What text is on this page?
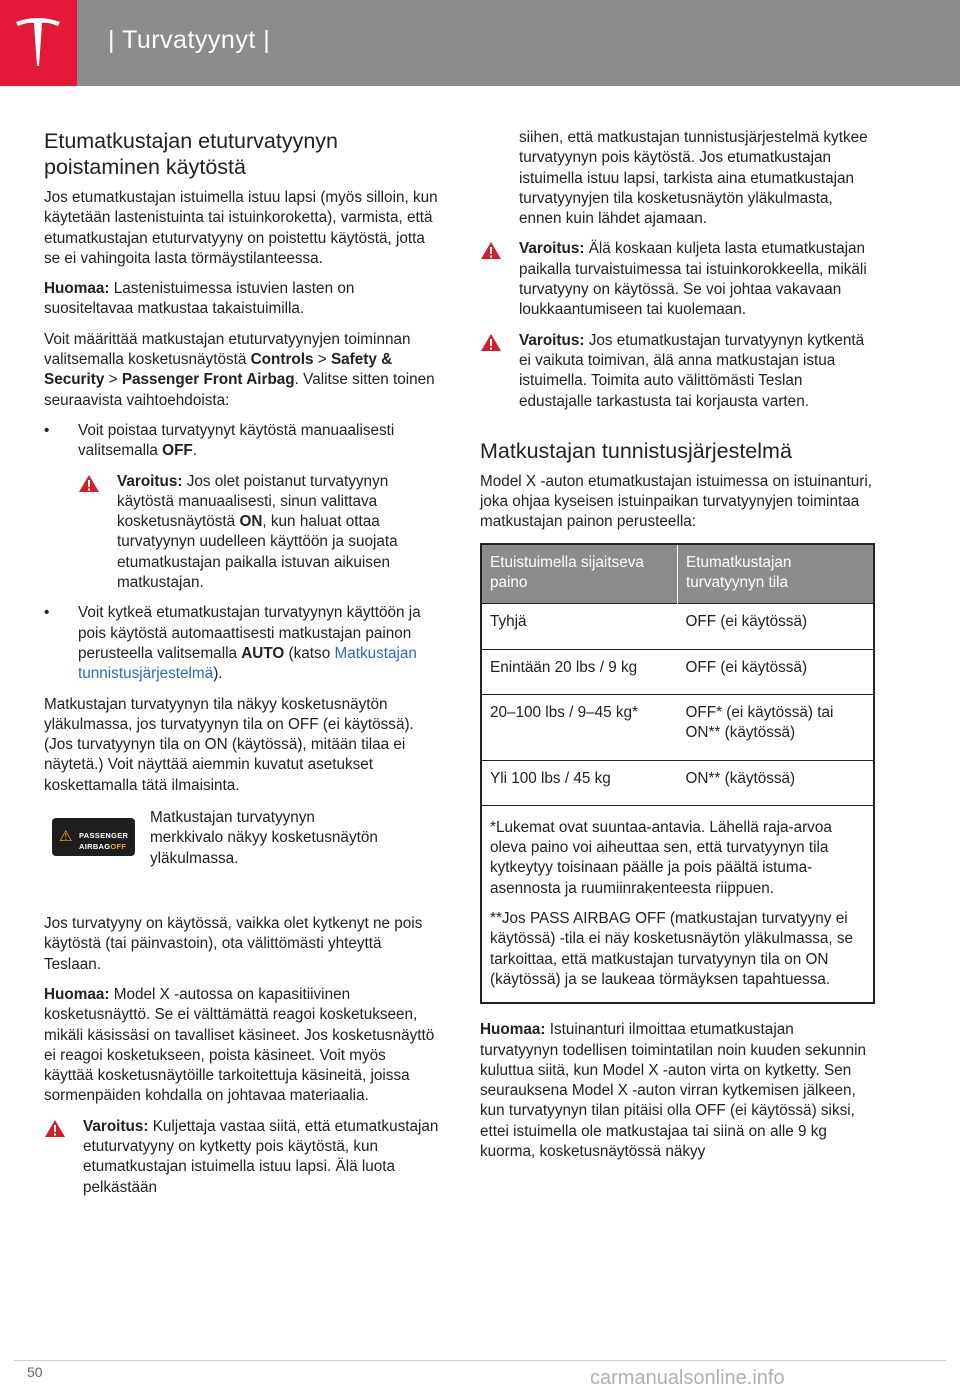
| Turvatyynyt |
Etumatkustajan etuturvatyynyn poistaminen käytöstä

Jos etumatkustajan istuimella istuu lapsi (myös silloin, kun käytetään lastenistuinta tai istuinkoroketta), varmista, että etumatkustajan etuturvatyyny on poistettu käytöstä, jotta se ei vahingoita lasta törmäystilanteessa.

Huomaa: Lastenistuimessa istuvien lasten on suositeltavaa matkustaa takaistuimilla.

Voit määrittää matkustajan etuturvatyynyjen toiminnan valitsemalla kosketusnäytöstä Controls > Safety & Security > Passenger Front Airbag. Valitse sitten toinen seuraavista vaihtoehdoista:

• Voit poistaa turvatyynyt käytöstä manuaalisesti valitsemalla OFF.
Varoitus: Jos olet poistanut turvatyynyn käytöstä manuaalisesti, sinun valittava kosketusnäytöstä ON, kun haluat ottaa turvatyynyn uudelleen käyttöön ja suojata etumatkustajan paikalla istuvan aikuisen matkustajan.
• Voit kytkeä etumatkustajan turvatyynyn käyttöön ja pois käytöstä automaattisesti matkustajan painon perusteella valitsemalla AUTO (katso Matkustajan tunnistusjärjestelmä).

Matkustajan turvatyynyn tila näkyy kosketusnäytön yläkulmassa, jos turvatyynyn tila on OFF (ei käytössä). (Jos turvatyynyn tila on ON (käytössä), mitään tilaa ei näytetä.) Voit näyttää aiemmin kuvatut asetukset koskettamalla tätä ilmaisinta.

⚠ PASSENGER
AIRBAGOFF
Matkustajan turvatyynyn merkkivalo näkyy kosketusnäytön yläkulmassa.

Jos turvatyyny on käytössä, vaikka olet kytkenyt ne pois käytöstä (tai päinvastoin), ota välittömästi yhteyttä Teslaan.

Huomaa: Model X -autossa on kapasitiivinen kosketusnäyttö. Se ei välttämättä reagoi kosketukseen, mikäli käsissäsi on tavalliset käsineet. Jos kosketusnäyttö ei reagoi kosketukseen, poista käsineet. Voit myös käyttää kosketusnäytöille tarkoitettuja käsineitä, joissa sormenpäiden kohdalla on johtavaa materiaalia.

Varoitus: Kuljettaja vastaa siitä, että etumatkustajan etuturvatyyny on kytketty pois käytöstä, kun etumatkustajan istuimella istuu lapsi. Älä luota pelkästään

siihen, että matkustajan tunnistusjärjestelmä kytkee turvatyynyn pois käytöstä. Jos etumatkustajan istuimella istuu lapsi, tarkista aina etumatkustajan turvatyynyjen tila kosketusnäytön yläkulmasta, ennen kuin lähdet ajamaan.

Varoitus: Älä koskaan kuljeta lasta etumatkustajan paikalla turvaistuimessa tai istuinkorokkeella, mikäli turvatyyny on käytössä. Se voi johtaa vakavaan loukkaantumiseen tai kuolemaan.
Varoitus: Jos etumatkustajan turvatyynyn kytkentä ei vaikuta toimivan, älä anna matkustajan istua istuimella. Toimita auto välittömästi Teslan edustajalle tarkastusta tai korjausta varten.
Matkustajan tunnistusjärjestelmä

Model X -auton etumatkustajan istuimessa on istuinanturi, joka ohjaa kyseisen istuinpaikan turvatyynyjen toimintaa matkustajan painon perusteella:

Etuistuimella sijaitseva paino	Etumatkustajan turvatyynyn tila
Tyhjä	OFF (ei käytössä)
Enintään 20 lbs / 9 kg	OFF (ei käytössä)
20–100 lbs / 9–45 kg*	OFF* (ei käytössä) tai ON** (käytössä)
Yli 100 lbs / 45 kg	ON** (käytössä)

*Lukemat ovat suuntaa-antavia. Lähellä raja-arvoa oleva paino voi aiheuttaa sen, että turvatyynyn tila kytkeytyy toisinaan päälle ja pois päältä istuma-asennosta ja ruumiinrakenteesta riippuen.

**Jos PASS AIRBAG OFF (matkustajan turvatyyny ei käytössä) -tila ei näy kosketusnäytön yläkulmassa, se tarkoittaa, että matkustajan turvatyynyn tila on ON (käytössä) ja se laukeaa törmäyksen tapahtuessa.	

Huomaa: Istuinanturi ilmoittaa etumatkustajan turvatyynyn todellisen toimintatilan noin kuuden sekunnin kuluttua siitä, kun Model X -auton virta on kytketty. Sen seurauksena Model X -auton virran kytkemisen jälkeen, kun turvatyynyn tilan pitäisi olla OFF (ei käytössä) siksi, ettei istuimella ole matkustajaa tai siinä on alle 9 kg kuorma, kosketusnäytössä näkyy

50	carmanualsonline.info
